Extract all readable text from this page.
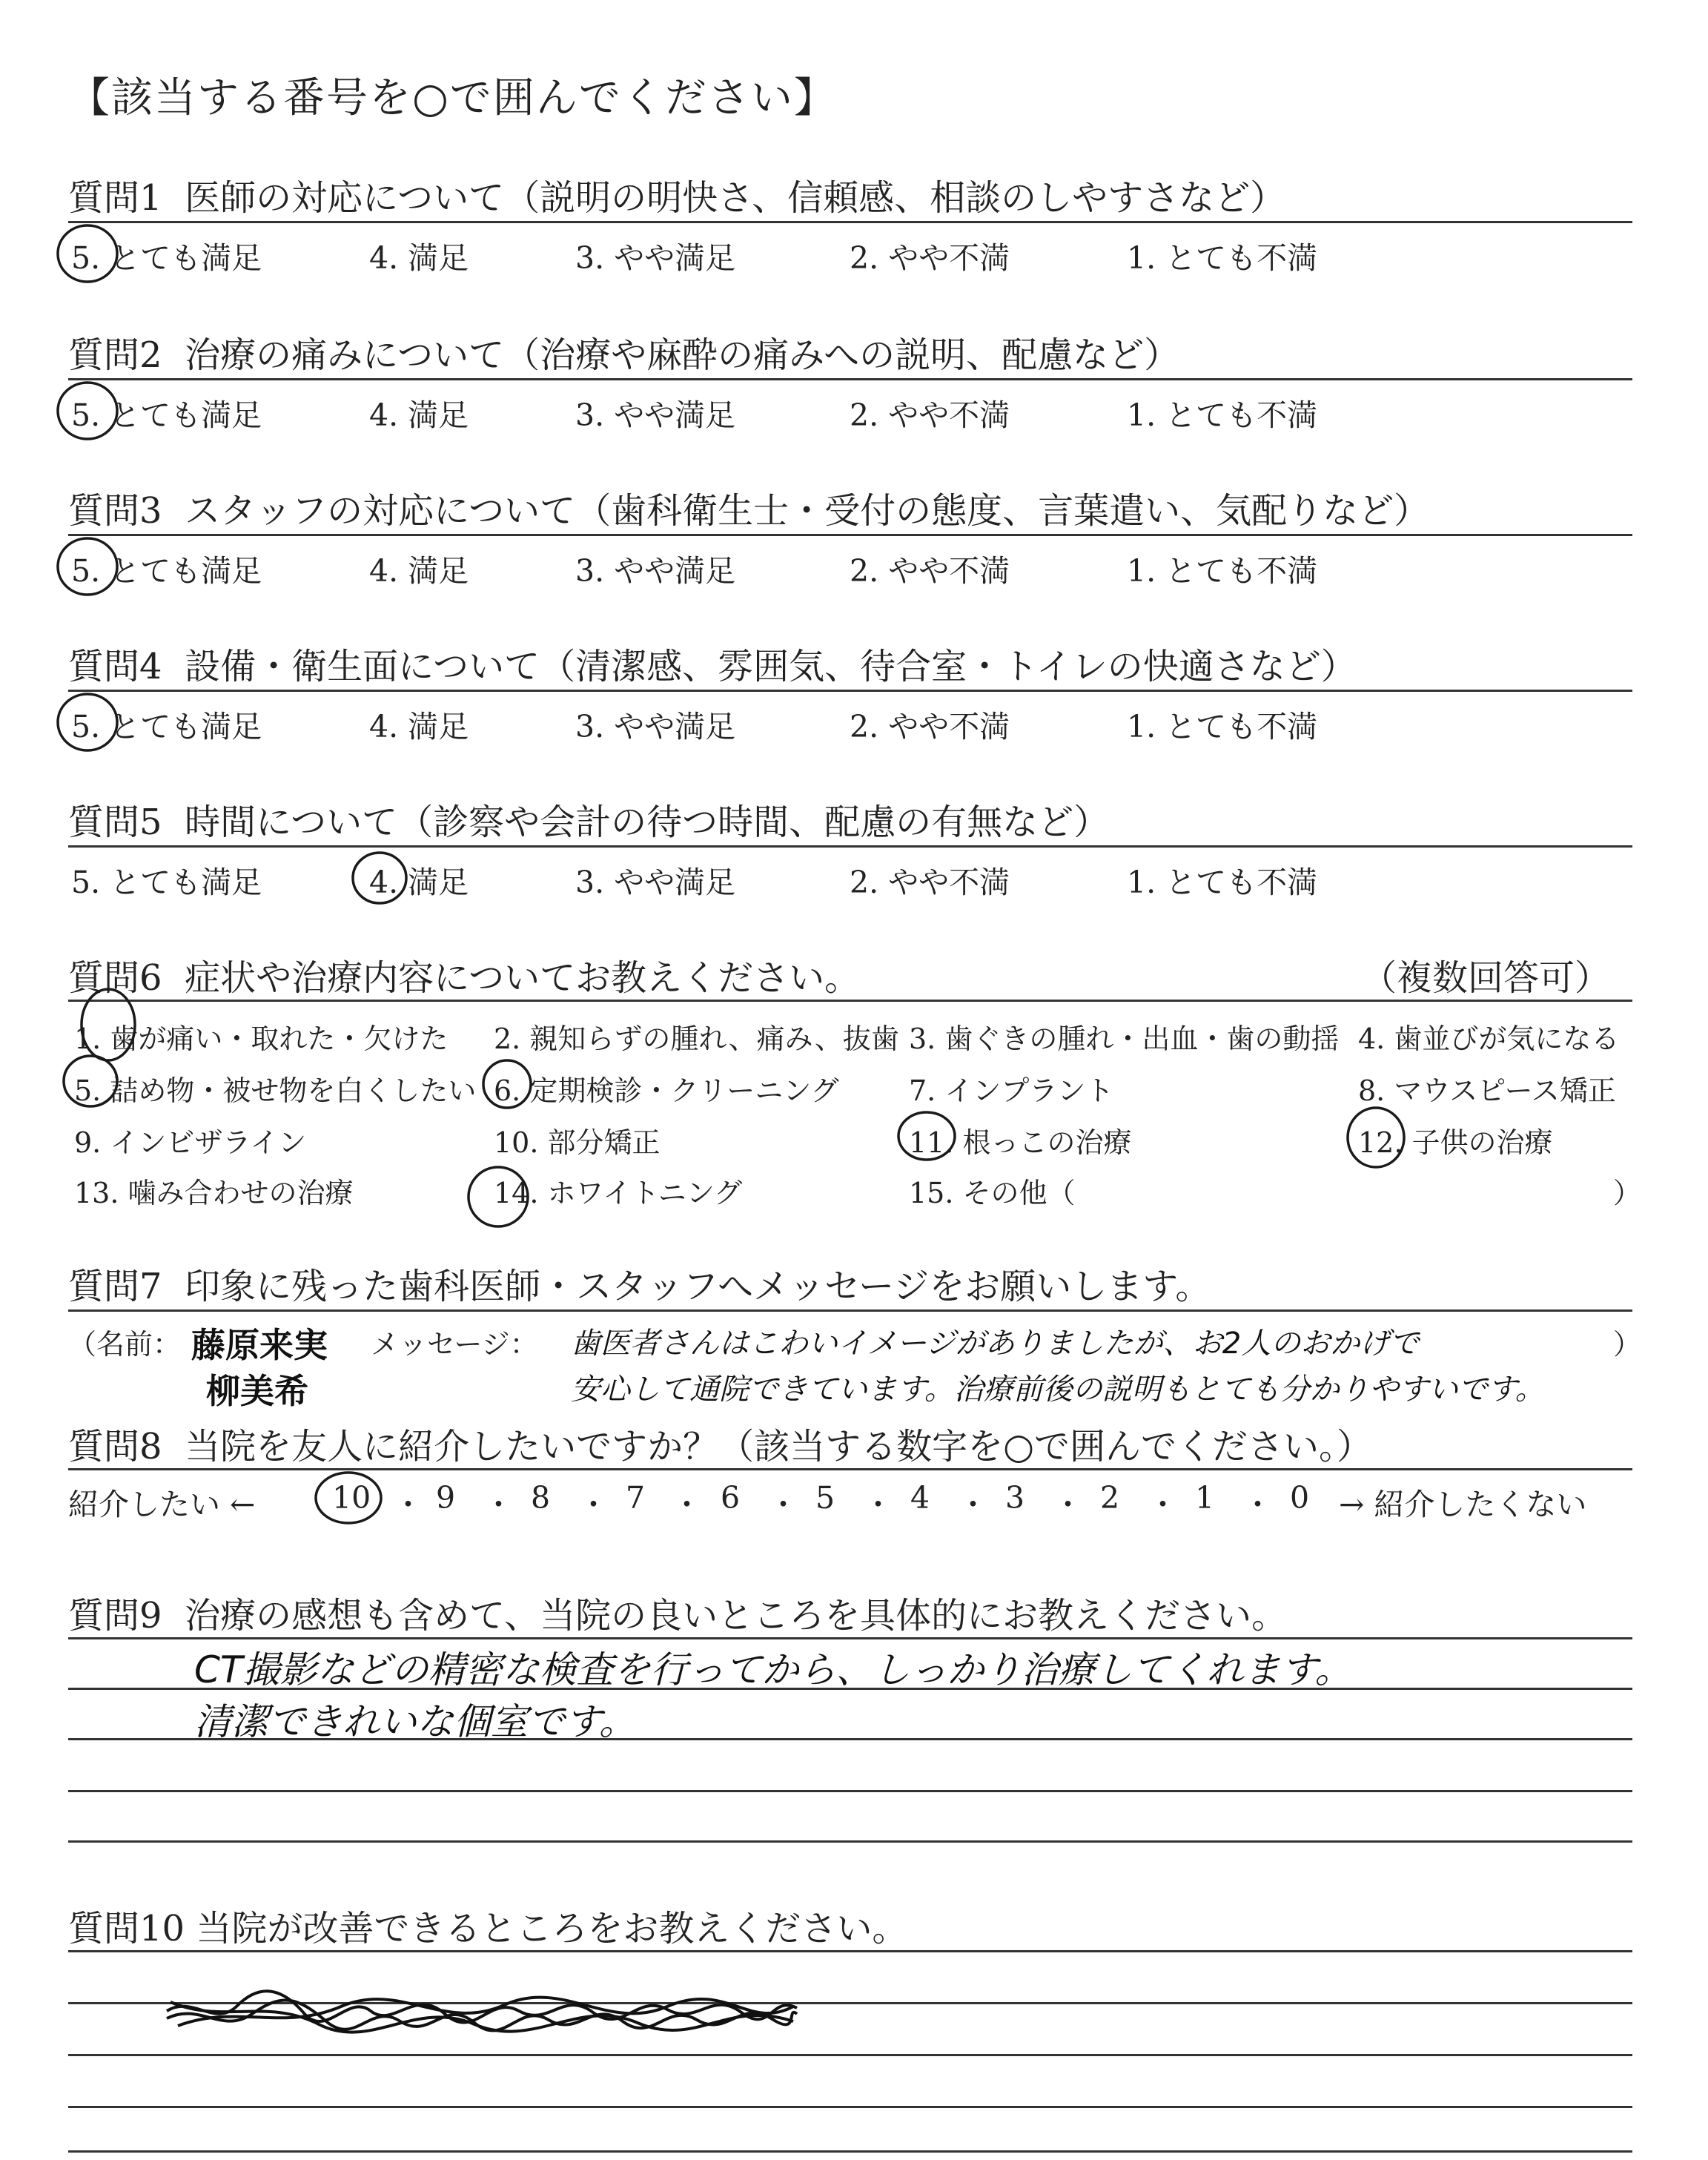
【該当する番号を○で囲んでください】
質問1 医師の対応について（説明の明快さ、信頼感、相談のしやすさなど）
5. とても満足	4. 満足	3. やや満足	2. やや不満	1. とても不満
質問2 治療の痛みについて（治療や麻酔の痛みへの説明、配慮など）
5. とても満足	4. 満足	3. やや満足	2. やや不満	1. とても不満
質問3 スタッフの対応について（歯科衛生士・受付の態度、言葉遣い、気配りなど）
5. とても満足	4. 満足	3. やや満足	2. やや不満	1. とても不満
質問4 設備・衛生面について（清潔感、雰囲気、待合室・トイレの快適さなど）
5. とても満足	4. 満足	3. やや満足	2. やや不満	1. とても不満
質問5 時間について（診察や会計の待つ時間、配慮の有無など）
5. とても満足	4. 満足	3. やや満足	2. やや不満	1. とても不満
質問6 症状や治療内容についてお教えください。	（複数回答可）
1. 歯が痛い・取れた・欠けた 2. 親知らずの腫れ、痛み、抜歯 3. 歯ぐきの腫れ・出血・歯の動揺 4. 歯並びが気になる
5. 詰め物・被せ物を白くしたい 6. 定期検診・クリーニング 7. インプラント	8. マウスピース矯正
9. インビザライン	10. 部分矯正	11. 根っこの治療	12. 子供の治療
13. 噛み合わせの治療	14. ホワイトニング	15. その他（	）
質問7 印象に残った歯科医師・スタッフへメッセージをお願いします。
（名前： 藤原来実
柳美希
メッセージ： 歯医者さんはこわいイメージがありましたが、お2人のおかげで
安心して通院できています。治療前後の説明もとても分かりやすいです。
）
質問8 当院を友人に紹介したいですか？（該当する数字を○で囲んでください。）
紹介したい ←	10 ・ 9 ・ 8 ・ 7 ・ 6 ・ 5 ・ 4 ・ 3 ・ 2 ・ 1 ・ 0 → 紹介したくない
質問9 治療の感想も含めて、当院の良いところを具体的にお教えください。
CT撮影などの精密な検査を行ってから、しっかり治療してくれます。
清潔できれいな個室です。
質問10 当院が改善できるところをお教えください。
